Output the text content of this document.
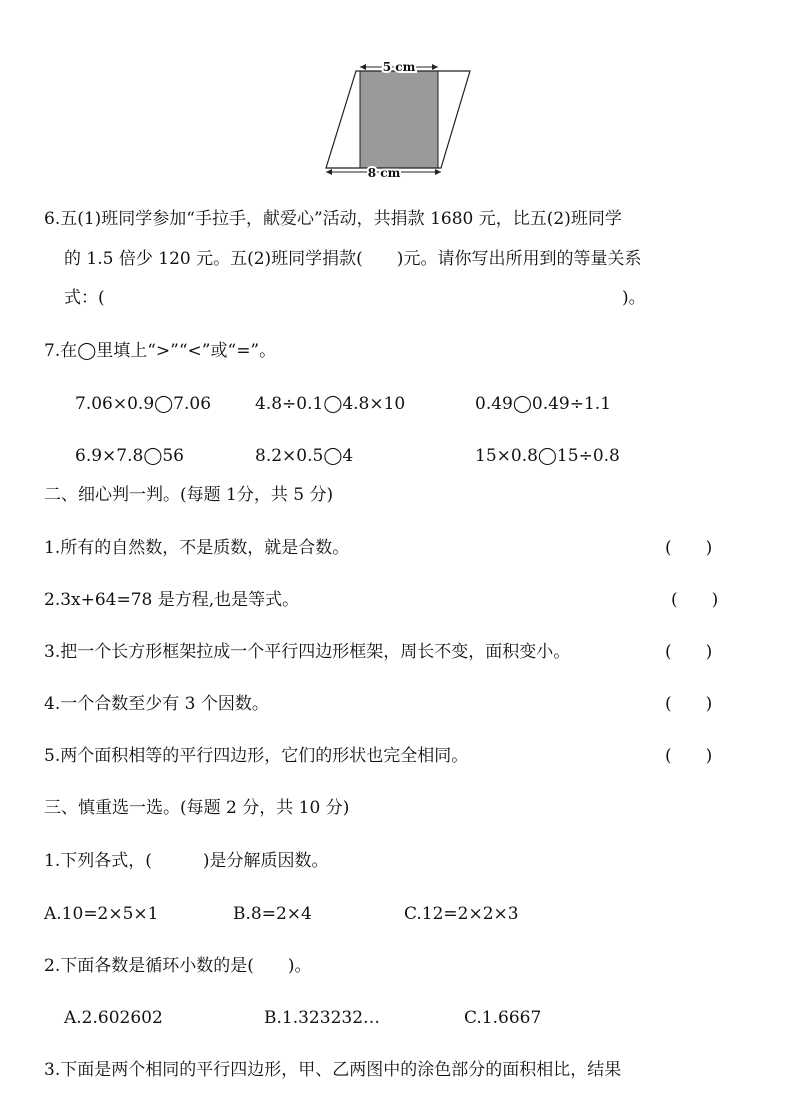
5 cm
8 cm
6.五(1)班同学参加“手拉手，献爱心”活动，共捐款 1680 元，比五(2)班同学
的 1.5 倍少 120 元。五(2)班同学捐款(　　)元。请你写出所用到的等量关系
式：(	)。
7.在◯里填上“>”“<”或“=”。
7.06×0.9◯7.06	4.8÷0.1◯4.8×10	0.49◯0.49÷1.1
6.9×7.8◯56	8.2×0.5◯4	15×0.8◯15÷0.8
二、细心判一判。(每题 1分，共 5 分)
1.所有的自然数，不是质数，就是合数。	(　　)
2.3x+64=78 是方程,也是等式。	(　　)
3.把一个长方形框架拉成一个平行四边形框架，周长不变，面积变小。	(　　)
4.一个合数至少有 3 个因数。	(　　)
5.两个面积相等的平行四边形，它们的形状也完全相同。	(　　)
三、慎重选一选。(每题 2 分，共 10 分)
1.下列各式，(　　　)是分解质因数。
A.10=2×5×1	B.8=2×4	C.12=2×2×3
2.下面各数是循环小数的是(　　)。
A.2.602602	B.1.323232…	C.1.6667
3.下面是两个相同的平行四边形，甲、乙两图中的涂色部分的面积相比，结果
